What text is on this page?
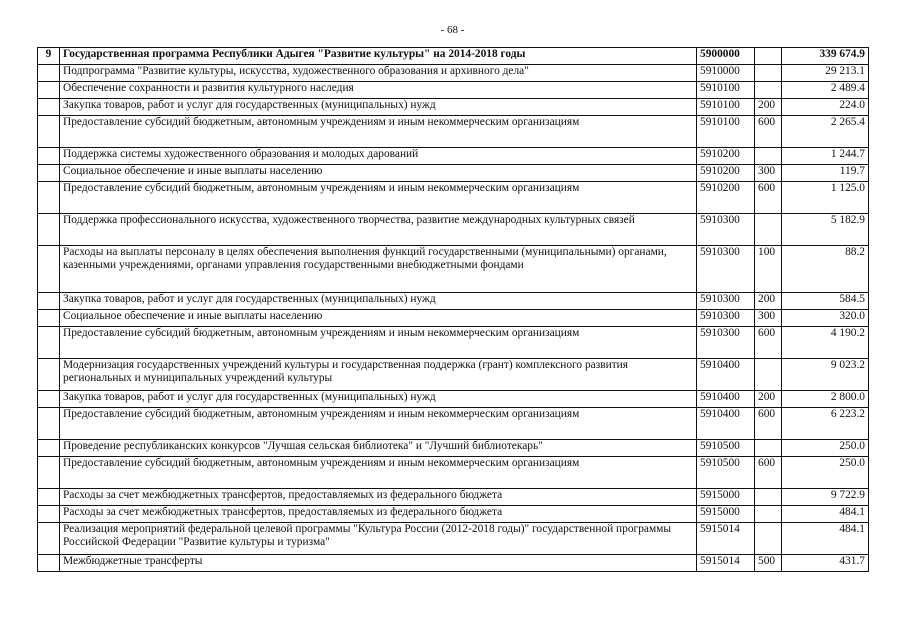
- 68 -
9	Государственная программа Республики Адыгея "Развитие культуры" на 2014-2018 годы	5900000		339 674.9
	Подпрограмма "Развитие культуры, искусства, художественного образования и архивного дела"	5910000		29 213.1
	Обеспечение сохранности и развития культурного наследия	5910100		2 489.4
	Закупка товаров, работ и услуг для государственных (муниципальных) нужд	5910100	200	224.0
	Предоставление субсидий бюджетным, автономным учреждениям и иным некоммерческим организациям	5910100	600	2 265.4
	Поддержка системы художественного образования и молодых дарований	5910200		1 244.7
	Социальное обеспечение и иные выплаты населению	5910200	300	119.7
	Предоставление субсидий бюджетным, автономным учреждениям и иным некоммерческим организациям	5910200	600	1 125.0
	Поддержка профессионального искусства, художественного творчества, развитие международных культурных связей	5910300		5 182.9
	Расходы на выплаты персоналу в целях обеспечения выполнения функций государственными (муниципальными) органами, казенными учреждениями, органами управления государственными внебюджетными фондами	5910300	100	88.2
	Закупка товаров, работ и услуг для государственных (муниципальных) нужд	5910300	200	584.5
	Социальное обеспечение и иные выплаты населению	5910300	300	320.0
	Предоставление субсидий бюджетным, автономным учреждениям и иным некоммерческим организациям	5910300	600	4 190.2
	Модернизация государственных учреждений культуры и государственная поддержка (грант) комплексного развития региональных и муниципальных учреждений культуры	5910400		9 023.2
	Закупка товаров, работ и услуг для государственных (муниципальных) нужд	5910400	200	2 800.0
	Предоставление субсидий бюджетным, автономным учреждениям и иным некоммерческим организациям	5910400	600	6 223.2
	Проведение республиканских конкурсов "Лучшая сельская библиотека" и "Лучший библиотекарь"	5910500		250.0
	Предоставление субсидий бюджетным, автономным учреждениям и иным некоммерческим организациям	5910500	600	250.0
	Расходы за счет межбюджетных трансфертов, предоставляемых из федерального бюджета	5915000		9 722.9
	Расходы за счет межбюджетных трансфертов, предоставляемых из федерального бюджета	5915000		484.1
	Реализация мероприятий федеральной целевой программы "Культура России (2012-2018 годы)" государственной программы Российской Федерации "Развитие культуры и туризма"	5915014		484.1
	Межбюджетные трансферты	5915014	500	431.7
